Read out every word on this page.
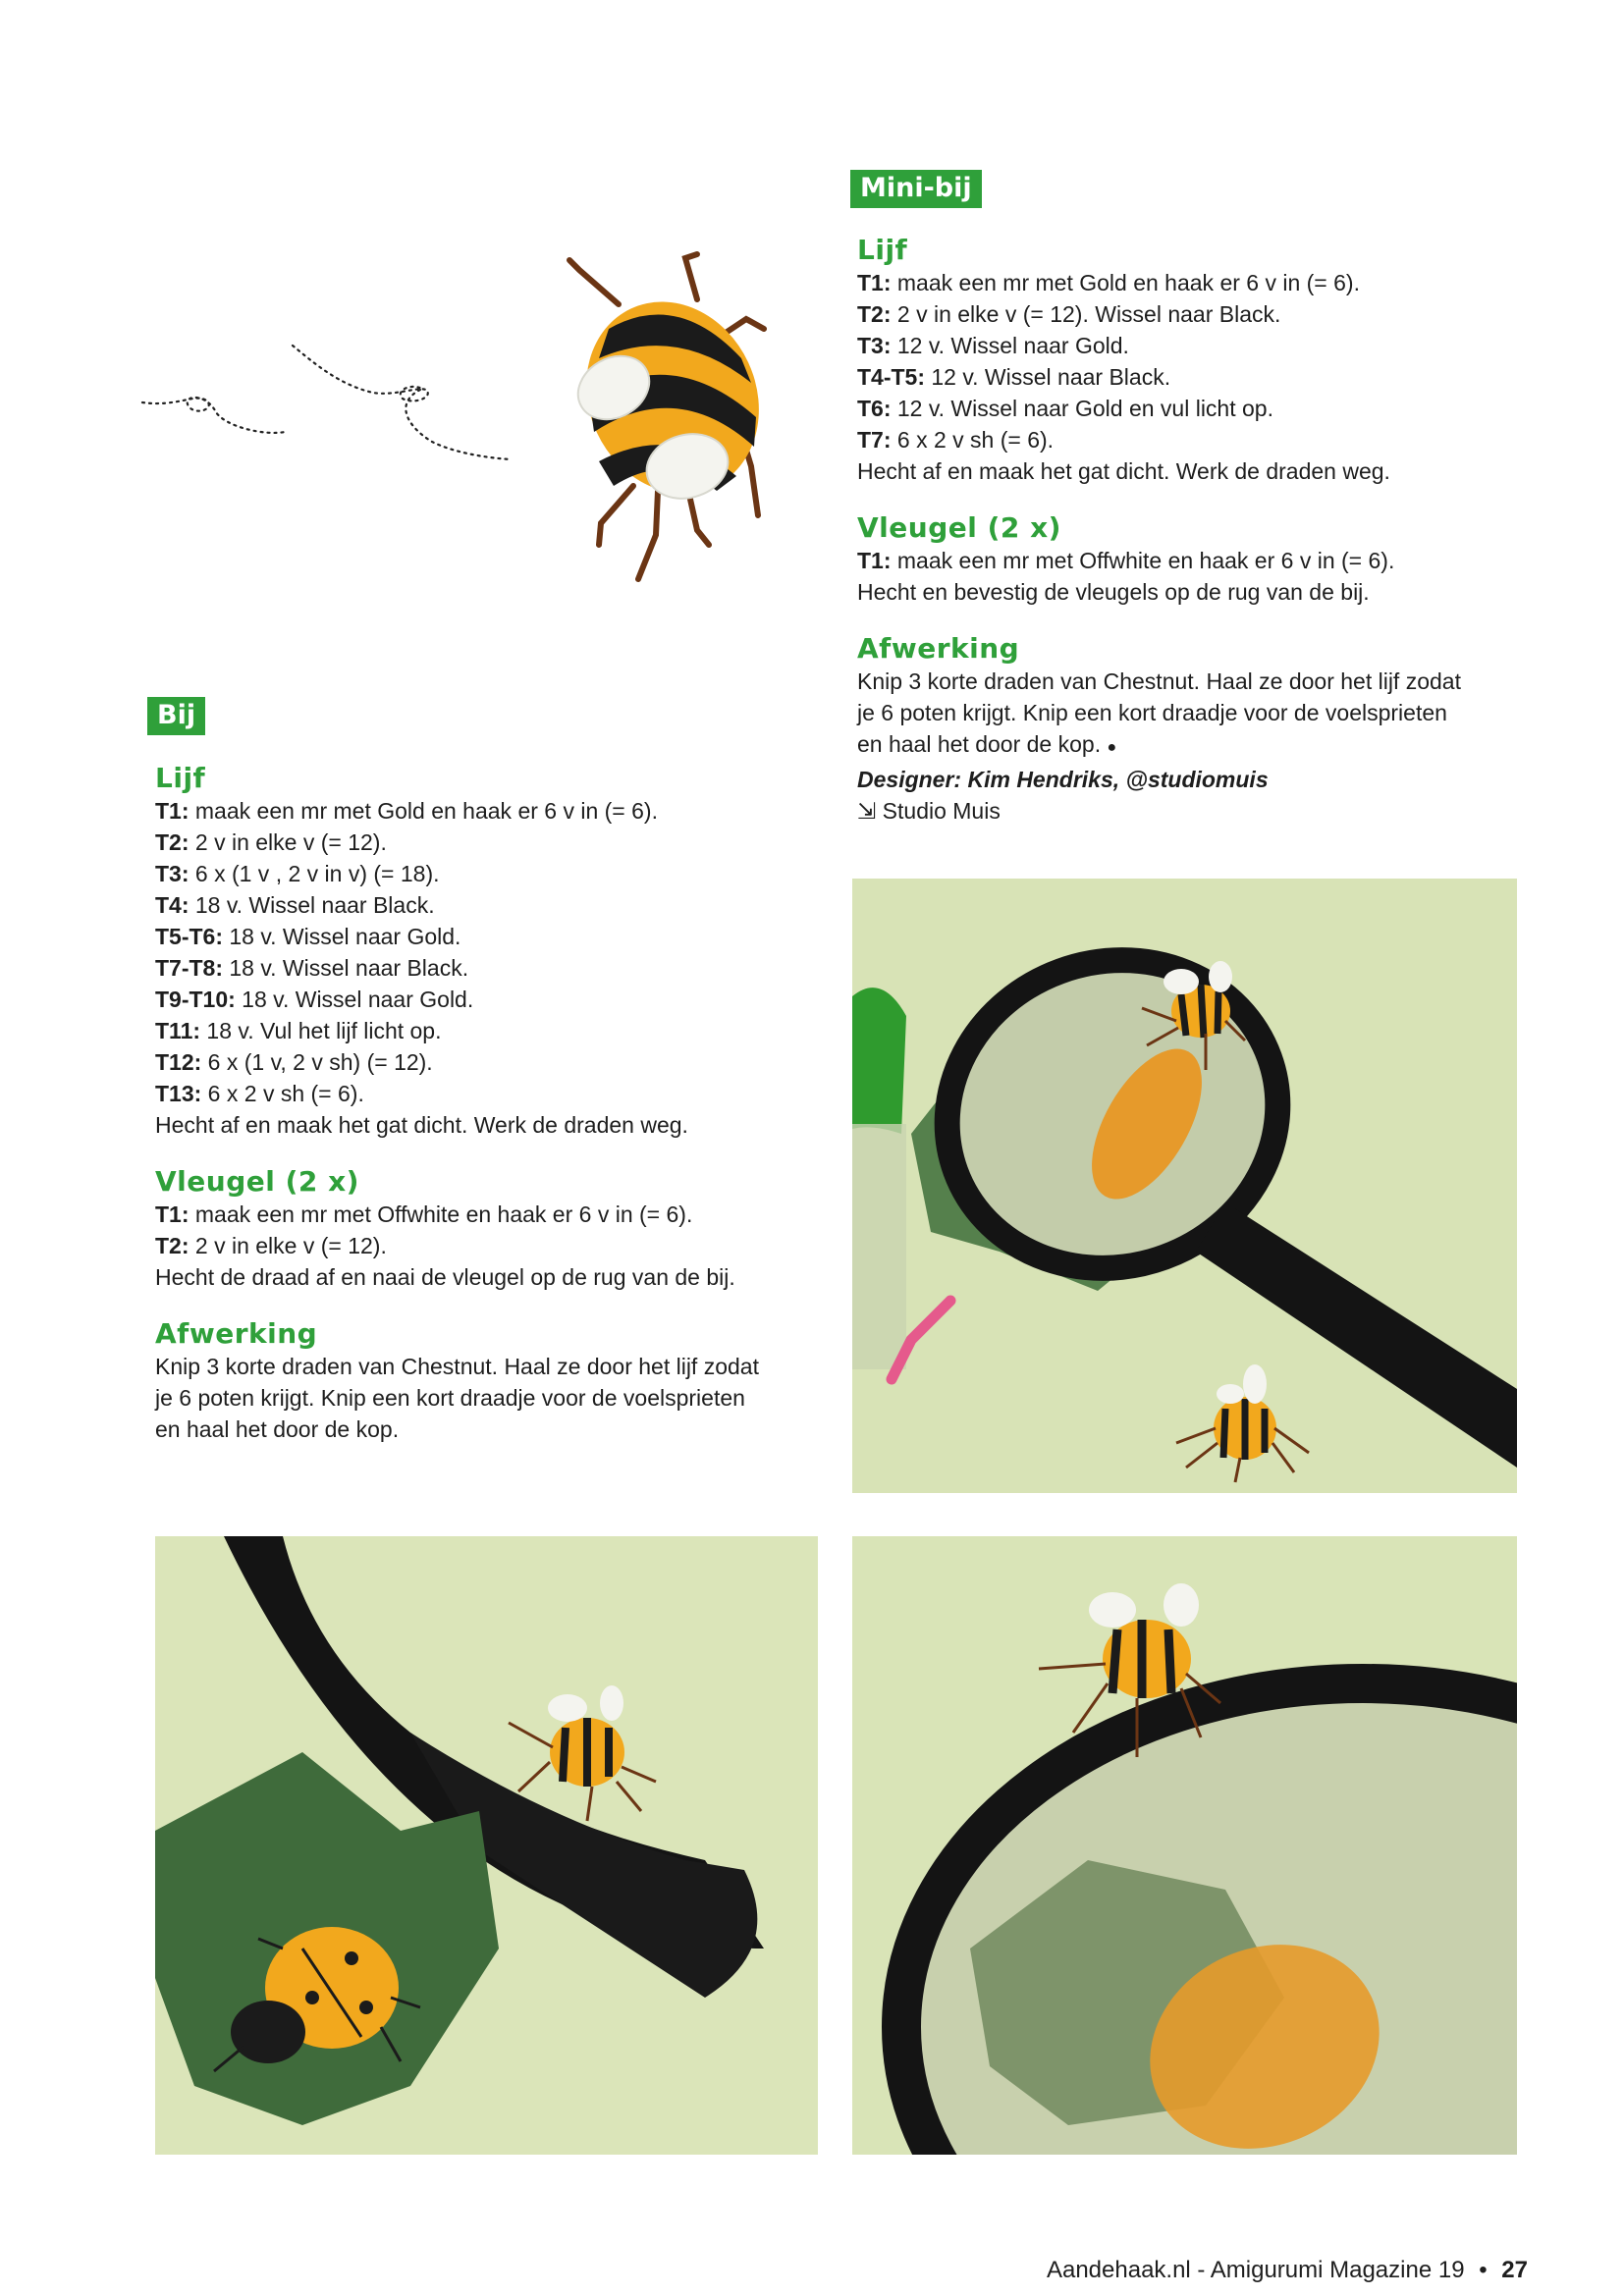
Mini-bij
Lijf
T1: maak een mr met Gold en haak er 6 v in (= 6).
T2: 2 v in elke v (= 12). Wissel naar Black.
T3: 12 v. Wissel naar Gold.
T4-T5: 12 v. Wissel naar Black.
T6: 12 v. Wissel naar Gold en vul licht op.
T7: 6 x 2 v sh (= 6).
Hecht af en maak het gat dicht. Werk de draden weg.
Vleugel (2 x)
T1: maak een mr met Offwhite en haak er 6 v in (= 6).
Hecht en bevestig de vleugels op de rug van de bij.
Afwerking
Knip 3 korte draden van Chestnut. Haal ze door het lijf zodat
je 6 poten krijgt. Knip een kort draadje voor de voelsprieten
en haal het door de kop. ●
Designer: Kim Hendriks, @studiomuis
⇲ Studio Muis
Bij
Lijf
T1: maak een mr met Gold en haak er 6 v in (= 6).
T2: 2 v in elke v (= 12).
T3: 6 x (1 v , 2 v in v) (= 18).
T4: 18 v. Wissel naar Black.
T5-T6: 18 v. Wissel naar Gold.
T7-T8: 18 v. Wissel naar Black.
T9-T10: 18 v. Wissel naar Gold.
T11: 18 v. Vul het lijf licht op.
T12: 6 x (1 v, 2 v sh) (= 12).
T13: 6 x 2 v sh (= 6).
Hecht af en maak het gat dicht. Werk de draden weg.
Vleugel (2 x)
T1: maak een mr met Offwhite en haak er 6 v in (= 6).
T2: 2 v in elke v (= 12).
Hecht de draad af en naai de vleugel op de rug van de bij.
Afwerking
Knip 3 korte draden van Chestnut. Haal ze door het lijf zodat
je 6 poten krijgt. Knip een kort draadje voor de voelsprieten
en haal het door de kop.
Aandehaak.nl - Amigurumi Magazine 19 • 27
